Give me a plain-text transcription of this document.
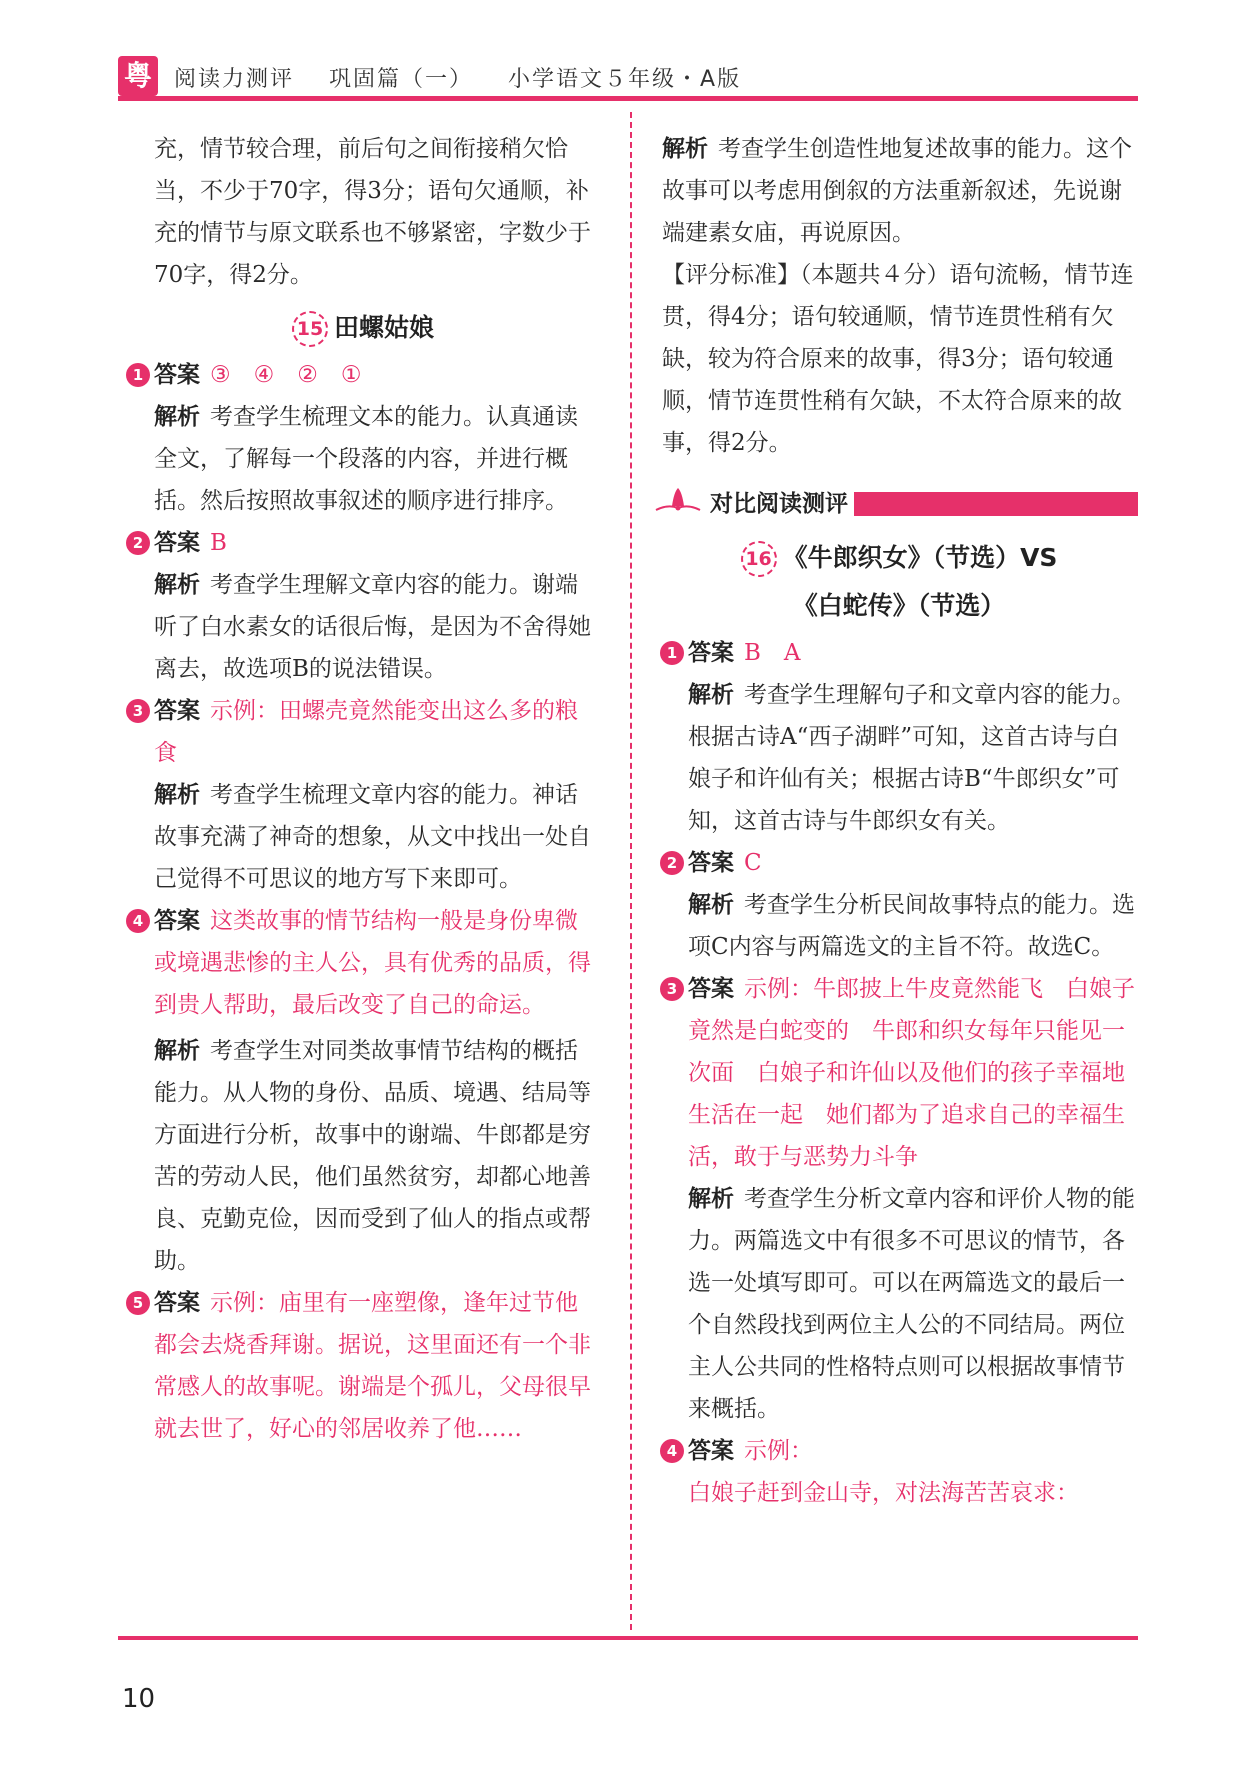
粤 阅读力测评 巩固篇（一） 小学语文５年级・A版

充，情节较合理，前后句之间衔接稍欠恰当，不少于70字，得3分；语句欠通顺，补充的情节与原文联系也不够紧密，字数少于70字，得2分。

15 田螺姑娘
1 答案 ③　④　②　①
解析 考查学生梳理文本的能力。认真通读全文，了解每一个段落的内容，并进行概括。然后按照故事叙述的顺序进行排序。
2 答案 B
解析 考查学生理解文章内容的能力。谢端听了白水素女的话很后悔，是因为不舍得她离去，故选项B的说法错误。
3 答案 示例：田螺壳竟然能变出这么多的粮食
解析 考查学生梳理文章内容的能力。神话故事充满了神奇的想象，从文中找出一处自己觉得不可思议的地方写下来即可。
4 答案 这类故事的情节结构一般是身份卑微或境遇悲惨的主人公，具有优秀的品质，得到贵人帮助，最后改变了自己的命运。
解析 考查学生对同类故事情节结构的概括能力。从人物的身份、品质、境遇、结局等方面进行分析，故事中的谢端、牛郎都是穷苦的劳动人民，他们虽然贫穷，却都心地善良、克勤克俭，因而受到了仙人的指点或帮助。
5 答案 示例：庙里有一座塑像，逢年过节他都会去烧香拜谢。据说，这里面还有一个非常感人的故事呢。谢端是个孤儿，父母很早就去世了，好心的邻居收养了他……
解析 考查学生创造性地复述故事的能力。这个故事可以考虑用倒叙的方法重新叙述，先说谢端建素女庙，再说原因。

【评分标准】（本题共４分）语句流畅，情节连贯，得4分；语句较通顺，情节连贯性稍有欠缺，较为符合原来的故事，得3分；语句较通顺，情节连贯性稍有欠缺，不太符合原来的故事，得2分。

对比阅读测评
16 《牛郎织女》（节选）VS
《白蛇传》（节选）
1 答案 B　A
解析 考查学生理解句子和文章内容的能力。根据古诗A“西子湖畔”可知，这首古诗与白娘子和许仙有关；根据古诗B“牛郎织女”可知，这首古诗与牛郎织女有关。
2 答案 C
解析 考查学生分析民间故事特点的能力。选项C内容与两篇选文的主旨不符。故选C。
3 答案 示例：牛郎披上牛皮竟然能飞　白娘子竟然是白蛇变的　牛郎和织女每年只能见一次面　白娘子和许仙以及他们的孩子幸福地生活在一起　她们都为了追求自己的幸福生活，敢于与恶势力斗争
解析 考查学生分析文章内容和评价人物的能力。两篇选文中有很多不可思议的情节，各选一处填写即可。可以在两篇选文的最后一个自然段找到两位主人公的不同结局。两位主人公共同的性格特点则可以根据故事情节来概括。
4 答案 示例：
白娘子赶到金山寺，对法海苦苦哀求：
10
